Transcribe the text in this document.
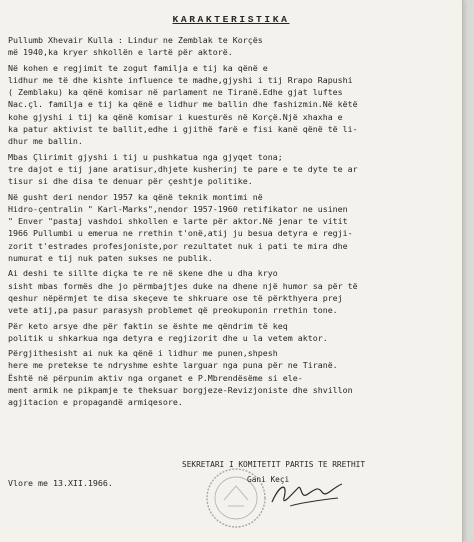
KARAKTERISTIKA
Pullumb Xhevair Kulla : Lindur ne Zemblak te Korçës
më 1940,ka kryer shkollën e lartë për aktorë.
Në kohen e regjimit te zogut familja e tij ka qënë e
lidhur me të dhe kishte influence te madhe,gjyshi i tij Rrapo Rapushi
( Zemblaku) ka qënë komisar në parlament ne Tiranë.Edhe gjat luftes
Nac.çl. familja e tij ka qënë e lidhur me ballin dhe fashizmin.Në këtë
kohe gjyshi i tij ka qënë komisar i kuesturës në Korçë.Një xhaxha e
ka patur aktivist te ballit,edhe i gjithë farë e fisi kanë qënë të li-
dhur me ballin.
Mbas Çlirimit gjyshi i tij u pushkatua nga gjyqet tona;
tre dajot e tij jane aratisur,dhjete kusherinj te pare e te dyte te ar
tisur si dhe disa te denuar për çeshtje politike.
Në gusht deri nendor 1957 ka qënë teknik montimi në
Hidro-çentralin " Karl-Marks",nendor 1957-1960 retifikator ne usinen
" Enver "pastaj vashdoi shkollen e larte për aktor.Në jenar te vitit
1966 Pullumbi u emerua ne rrethin t'onë,atij ju besua detyra e regji-
zorit t'estrades profesjoniste,por rezultatet nuk i pati te mira dhe
numurat e tij nuk paten sukses ne publik.
Ai deshi te sillte diçka te re në skene dhe u dha kryo
sisht mbas formës dhe jo përmbajtjes duke na dhene një humor sa për të
qeshur nëpërmjet te disa skeçeve te shkruare ose të përkthyera prej
vete atij,pa pasur parasysh problemet që preokuponin rrethin tone.
Për keto arsye dhe për faktin se ështe me qëndrim të keq
politik u shkarkua nga detyra e regjizorit dhe u la vetem aktor.
Përgjithesisht ai nuk ka qënë i lidhur me punen,shpesh
here me pretekse te ndryshme eshte larguar nga puna për ne Tiranë.
Është në përpunim aktiv nga organet e P.Mbrendësëme si ele-
ment armik ne pikpamje te theksuar borgjeze-Revizjoniste dhe shvillon
agjitacion e propagandë armiqesore.
SEKRETARI I KOMITETIT PARTIS TE RRETHIT
Gani Keçi
Vlore me 13.XII.1966.
